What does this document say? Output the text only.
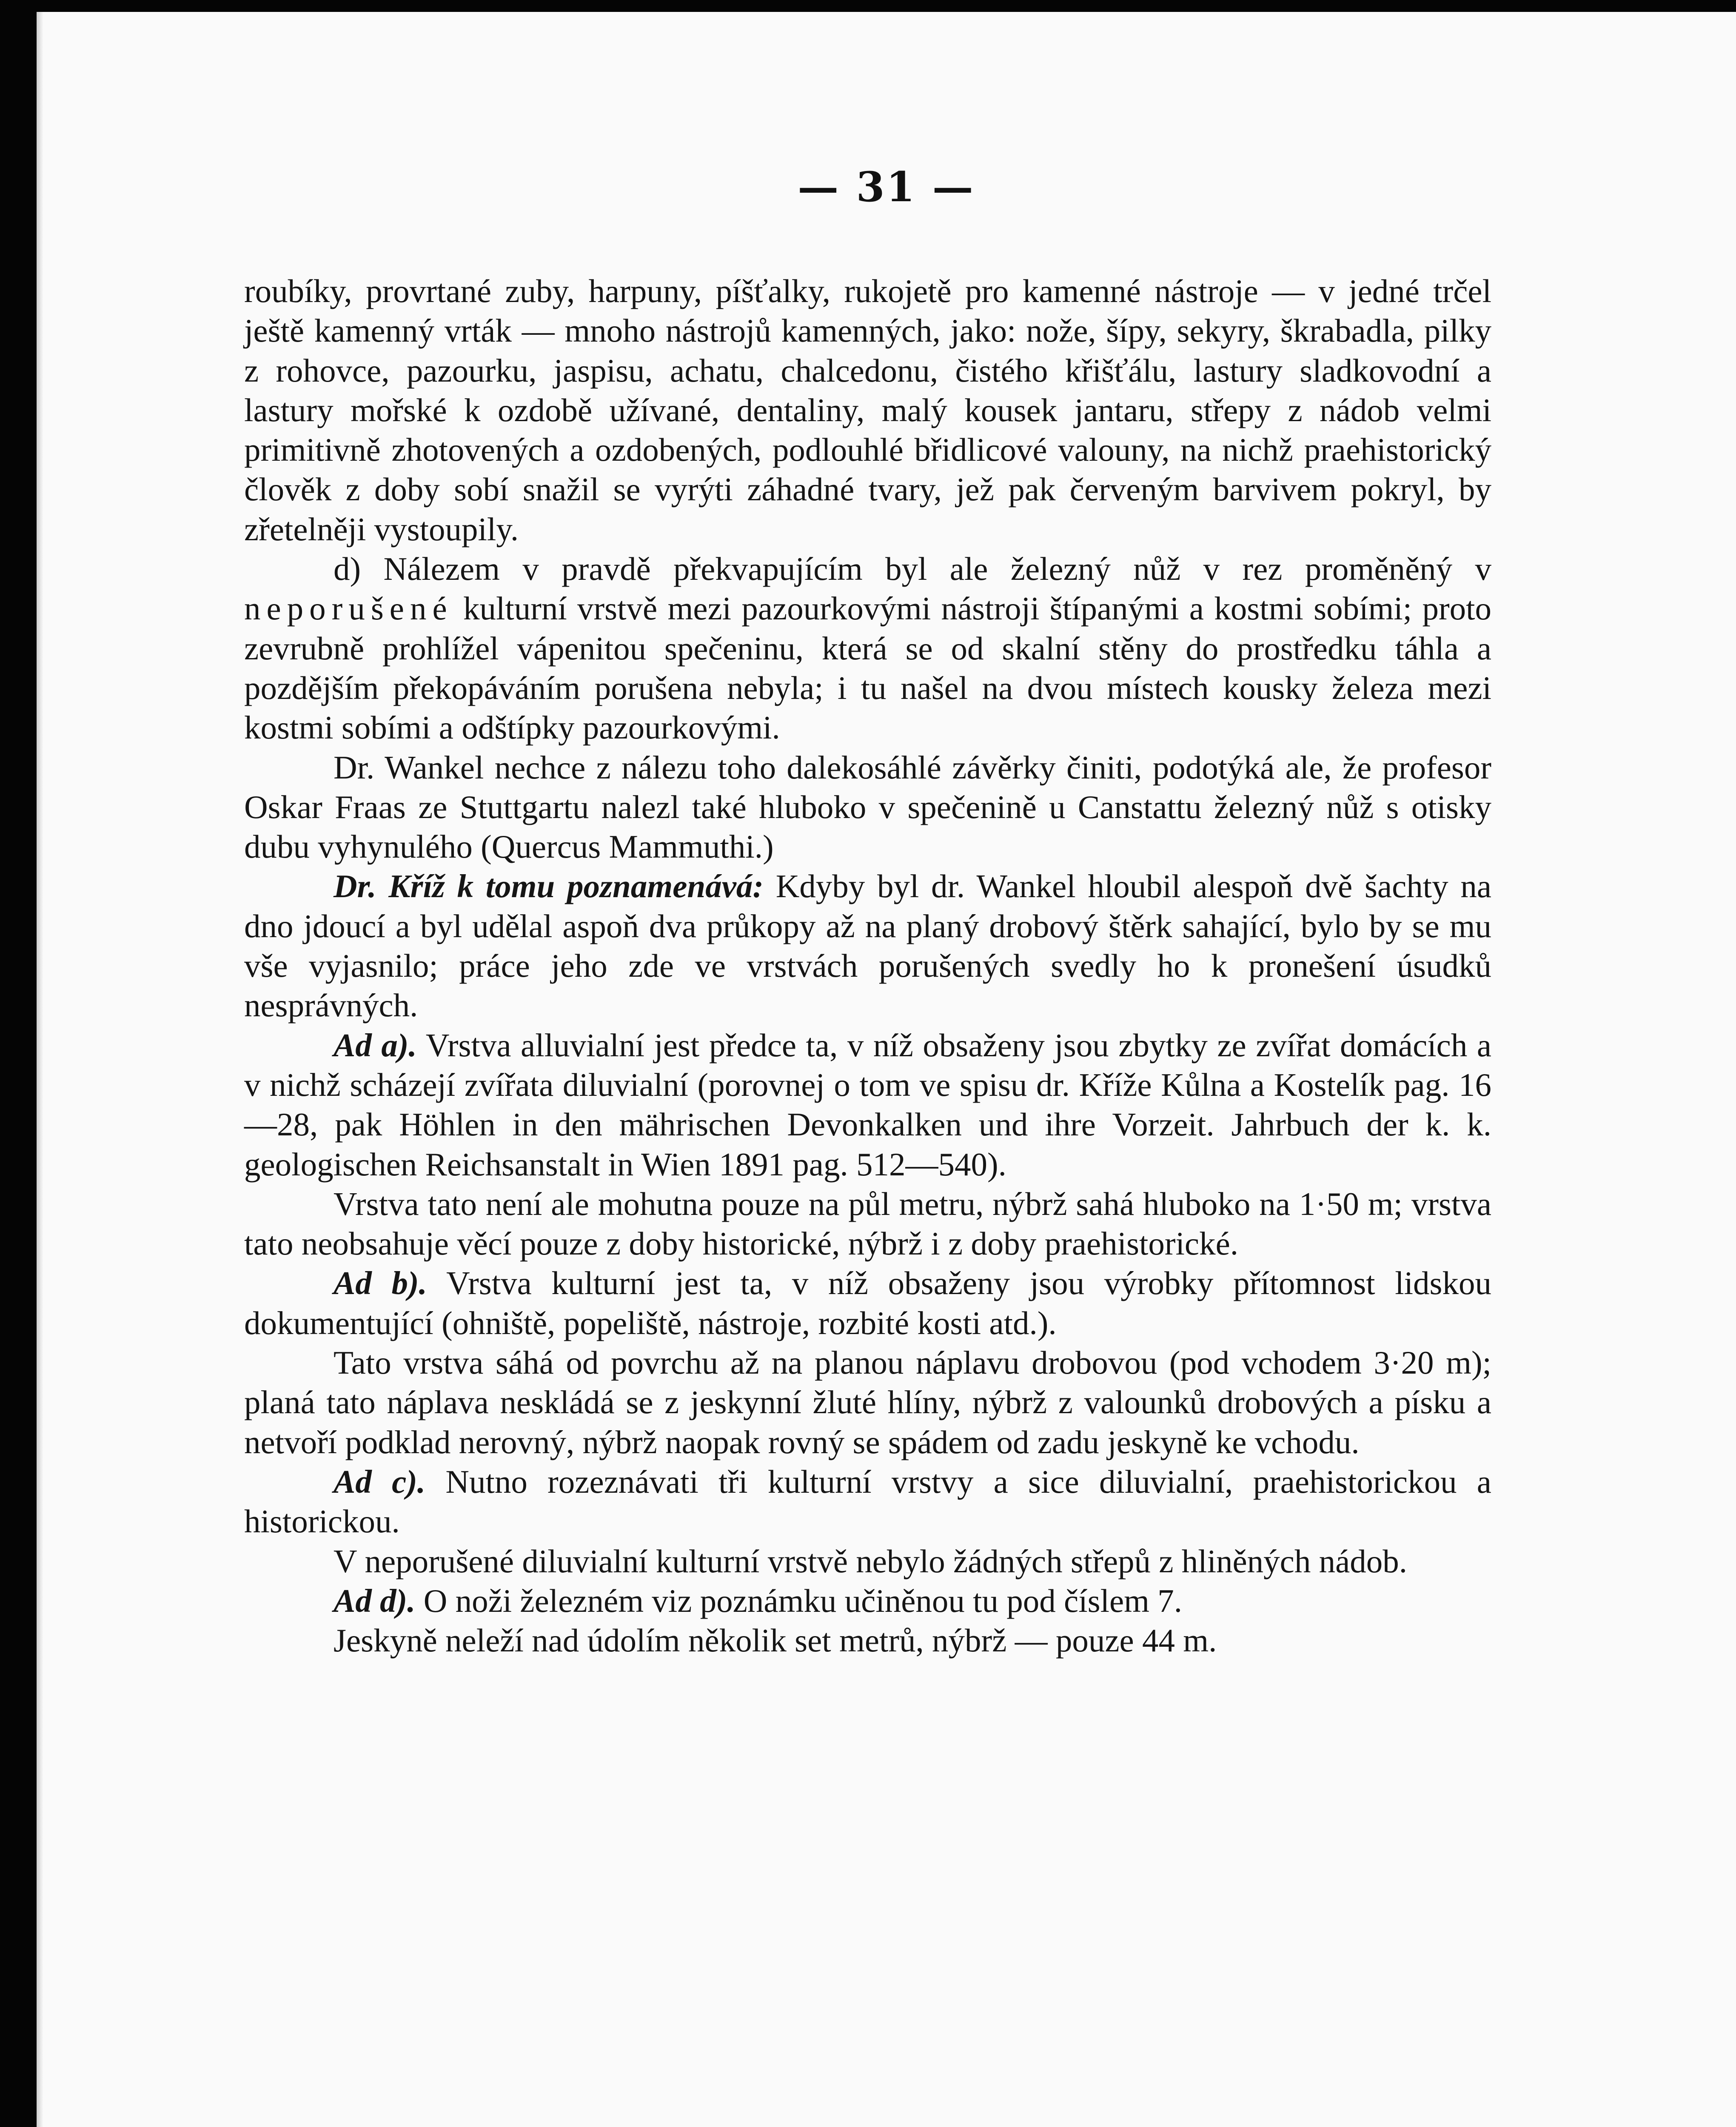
— 31 —

roubíky, provrtané zuby, harpuny, píšťalky, rukojetě pro kamenné nástroje — v jedné trčel ještě kamenný vrták — mnoho nástrojů kamenných, jako: nože, šípy, sekyry, škrabadla, pilky z rohovce, pazourku, jaspisu, achatu, chalcedonu, čistého křišťálu, lastury sladkovodní a lastury mořské k ozdobě užívané, dentaliny, malý kousek jantaru, střepy z nádob velmi primitivně zhotovených a ozdobených, podlouhlé břidlicové valouny, na nichž praehistorický člověk z doby sobí snažil se vyrýti záhadné tvary, jež pak červeným barvivem pokryl, by zřetelněji vystoupily.

d) Nálezem v pravdě překvapujícím byl ale železný nůž v rez proměněný v neporušené kulturní vrstvě mezi pazourkovými nástroji štípanými a kostmi sobími; proto zevrubně prohlížel vápenitou spečeninu, která se od skalní stěny do prostředku táhla a pozdějším překopáváním porušena nebyla; i tu našel na dvou místech kousky železa mezi kostmi sobími a odštípky pazourkovými.

Dr. Wankel nechce z nálezu toho dalekosáhlé závěrky činiti, podotýká ale, že profesor Oskar Fraas ze Stuttgartu nalezl také hluboko v spečenině u Canstattu železný nůž s otisky dubu vyhynulého (Quercus Mammuthi.)

Dr. Kříž k tomu poznamenává: Kdyby byl dr. Wankel hloubil alespoň dvě šachty na dno jdoucí a byl udělal aspoň dva průkopy až na planý drobový štěrk sahající, bylo by se mu vše vyjasnilo; práce jeho zde ve vrstvách porušených svedly ho k pronešení úsudků nesprávných.

Ad a). Vrstva alluvialní jest předce ta, v níž obsaženy jsou zbytky ze zvířat domácích a v nichž scházejí zvířata diluvialní (porovnej o tom ve spisu dr. Kříže Kůlna a Kostelík pag. 16—28, pak Höhlen in den mährischen Devonkalken und ihre Vorzeit. Jahrbuch der k. k. geologischen Reichsanstalt in Wien 1891 pag. 512—540).

Vrstva tato není ale mohutna pouze na půl metru, nýbrž sahá hluboko na 1·50 m; vrstva tato neobsahuje věcí pouze z doby historické, nýbrž i z doby praehistorické.

Ad b). Vrstva kulturní jest ta, v níž obsaženy jsou výrobky přítomnost lidskou dokumentující (ohniště, popeliště, nástroje, rozbité kosti atd.).

Tato vrstva sáhá od povrchu až na planou náplavu drobovou (pod vchodem 3·20 m); planá tato náplava neskládá se z jeskynní žluté hlíny, nýbrž z valounků drobových a písku a netvoří podklad nerovný, nýbrž naopak rovný se spádem od zadu jeskyně ke vchodu.

Ad c). Nutno rozeznávati tři kulturní vrstvy a sice diluvialní, praehistorickou a historickou.

V neporušené diluvialní kulturní vrstvě nebylo žádných střepů z hliněných nádob.

Ad d). O noži železném viz poznámku učiněnou tu pod číslem 7.

Jeskyně neleží nad údolím několik set metrů, nýbrž — pouze 44 m.
